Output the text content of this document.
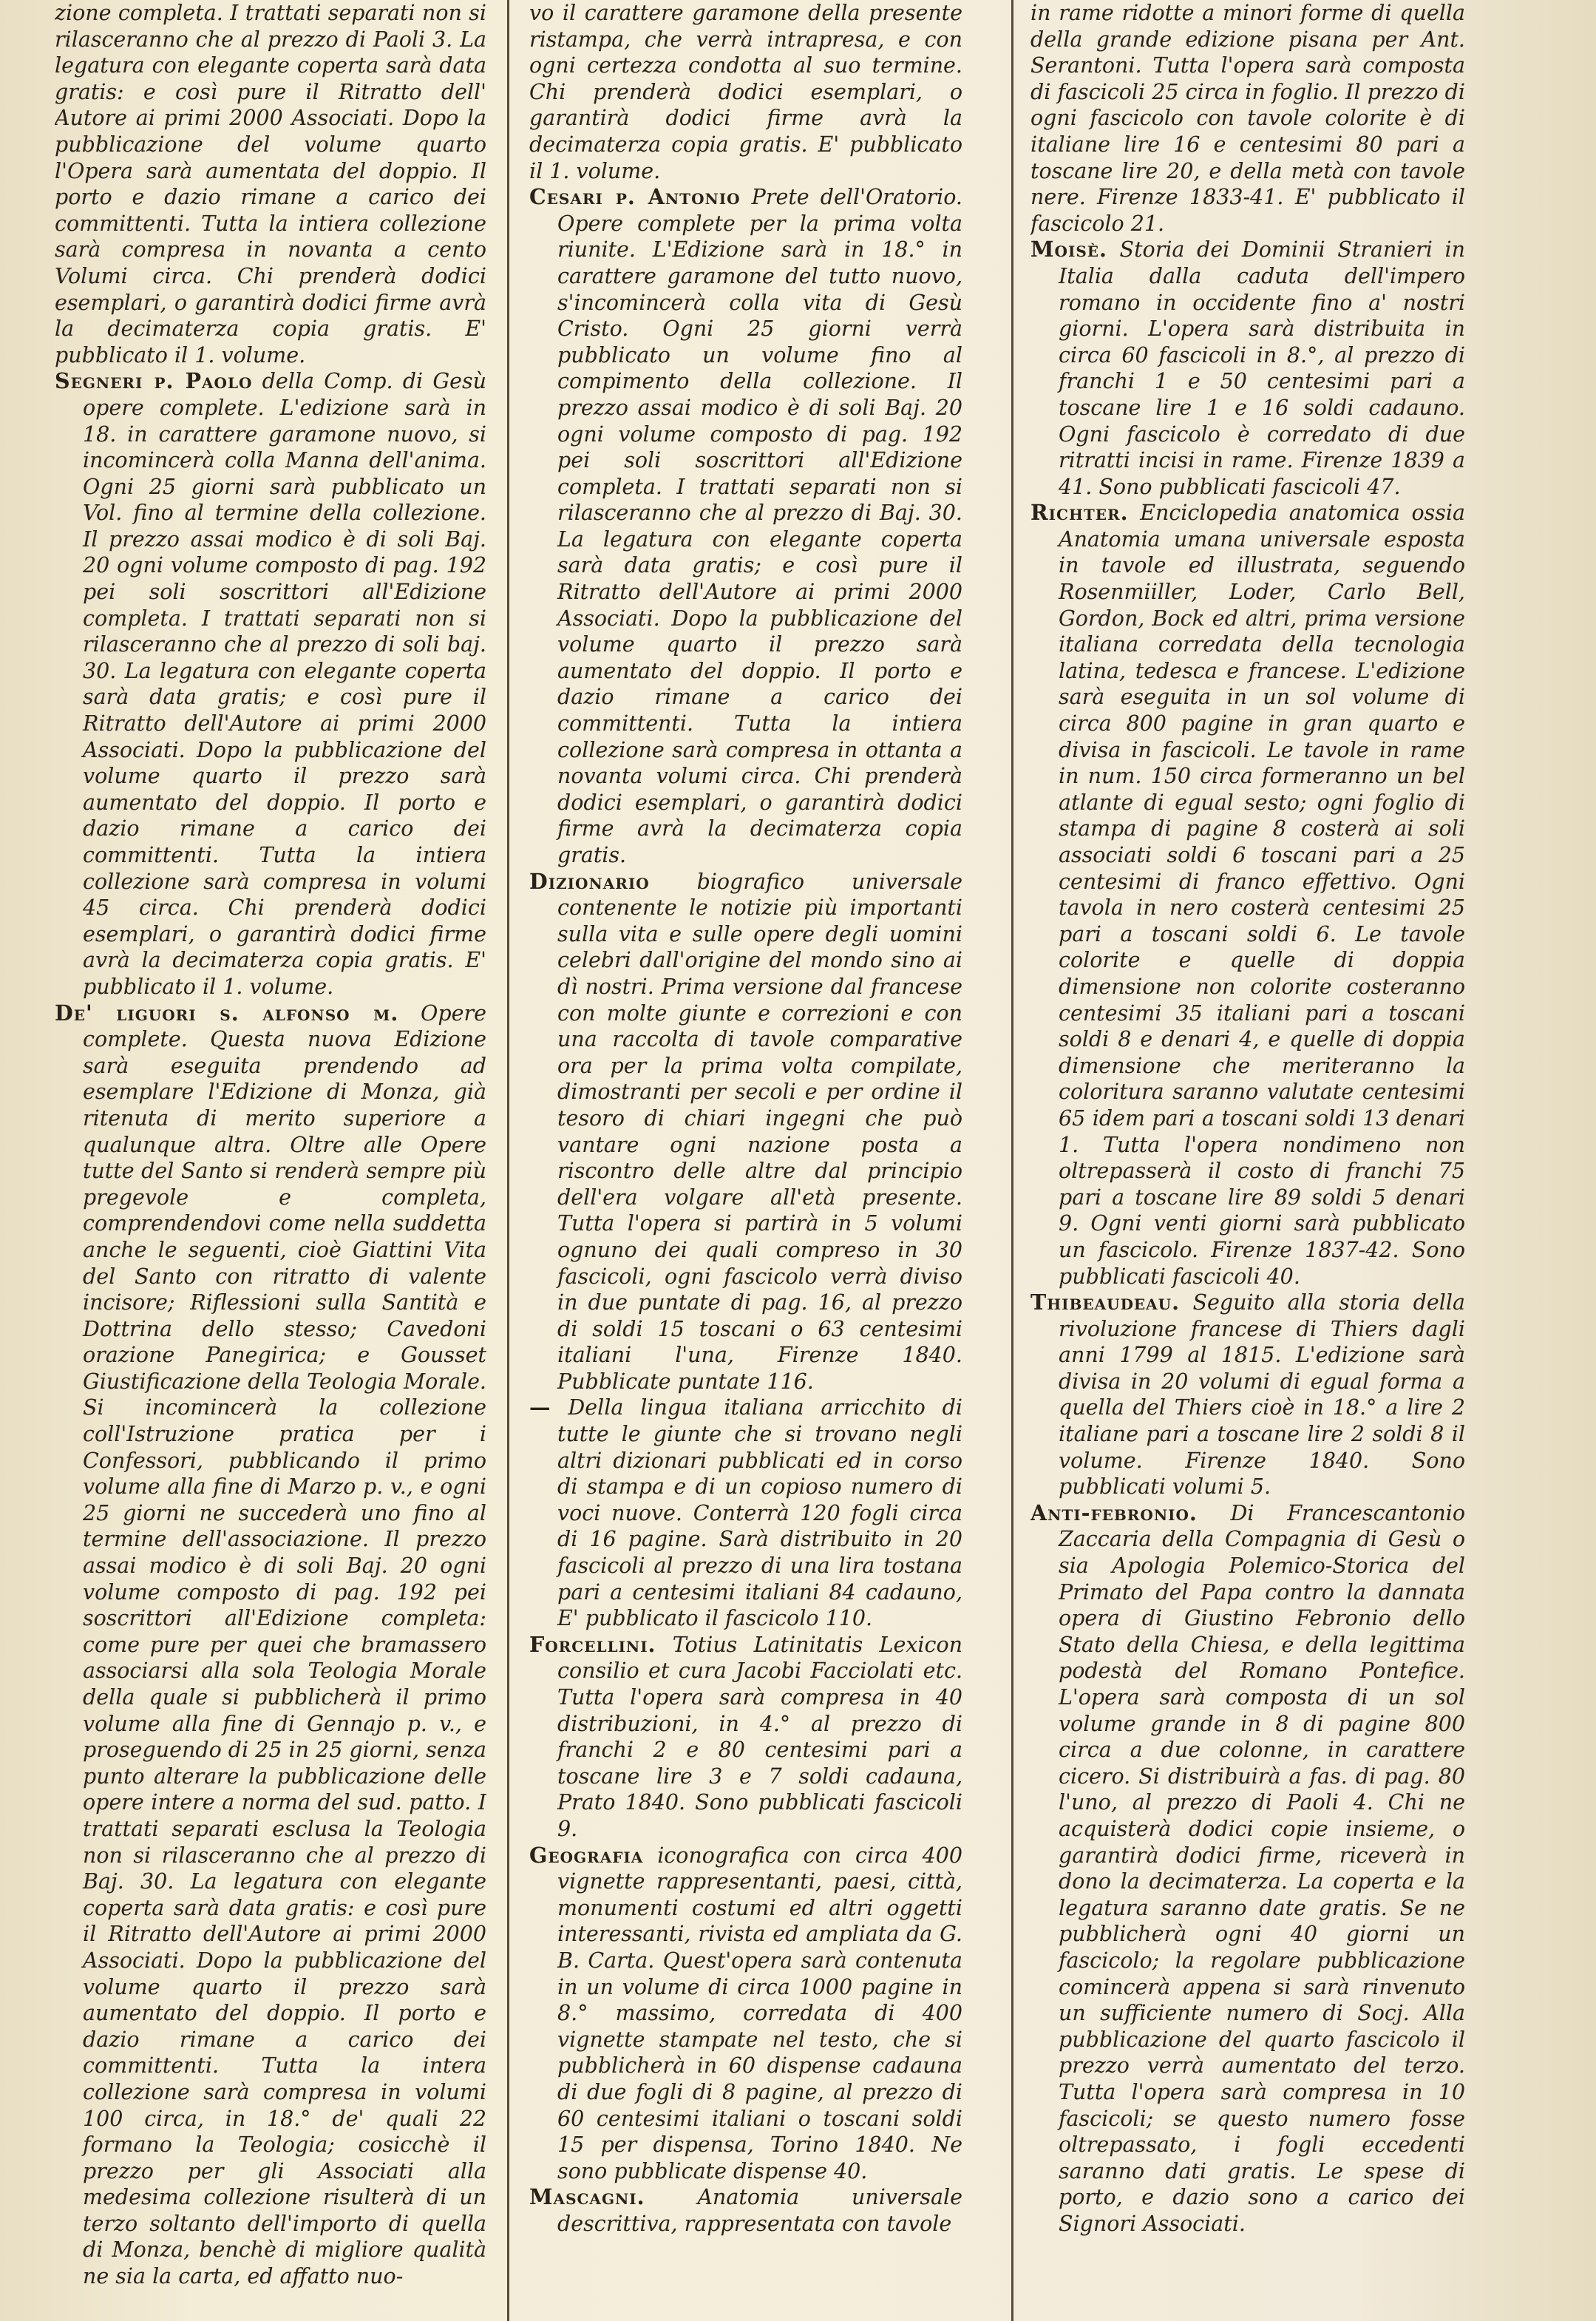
zione completa. I trattati separati non si rilasceranno che al prezzo di Paoli 3. La legatura con elegante coperta sarà data gratis: e così pure il Ritratto dell' Autore ai primi 2000 Associati. Dopo la pubblicazione del volume quarto l'Opera sarà aumentata del doppio. Il porto e dazio rimane a carico dei committenti. Tutta la intiera collezione sarà compresa in novanta a cento Volumi circa. Chi prenderà dodici esemplari, o garantirà dodici firme avrà la decimaterza copia gratis. E' pubblicato il 1. volume.

Segneri p. Paolo della Comp. di Gesù opere complete. L'edizione sarà in 18. in carattere garamone nuovo, si incomincerà colla Manna dell'anima. Ogni 25 giorni sarà pubblicato un Vol. fino al termine della collezione. Il prezzo assai modico è di soli Baj. 20 ogni volume composto di pag. 192 pei soli soscrittori all'Edizione completa. I trattati separati non si rilasceranno che al prezzo di soli baj. 30. La legatura con elegante coperta sarà data gratis; e così pure il Ritratto dell'Autore ai primi 2000 Associati. Dopo la pubblicazione del volume quarto il prezzo sarà aumentato del doppio. Il porto e dazio rimane a carico dei committenti. Tutta la intiera collezione sarà compresa in volumi 45 circa. Chi prenderà dodici esemplari, o garantirà dodici firme avrà la decimaterza copia gratis. E' pubblicato il 1. volume.

De' liguori s. alfonso m. Opere complete. Questa nuova Edizione sarà eseguita prendendo ad esemplare l'Edizione di Monza, già ritenuta di merito superiore a qualunque altra. Oltre alle Opere tutte del Santo si renderà sempre più pregevole e completa, comprendendovi come nella suddetta anche le seguenti, cioè Giattini Vita del Santo con ritratto di valente incisore; Riflessioni sulla Santità e Dottrina dello stesso; Cavedoni orazione Panegirica; e Gousset Giustificazione della Teologia Morale. Si incomincerà la collezione coll'Istruzione pratica per i Confessori, pubblicando il primo volume alla fine di Marzo p. v., e ogni 25 giorni ne succederà uno fino al termine dell'associazione. Il prezzo assai modico è di soli Baj. 20 ogni volume composto di pag. 192 pei soscrittori all'Edizione completa: come pure per quei che bramassero associarsi alla sola Teologia Morale della quale si pubblicherà il primo volume alla fine di Gennajo p. v., e proseguendo di 25 in 25 giorni, senza punto alterare la pubblicazione delle opere intere a norma del sud. patto. I trattati separati esclusa la Teologia non si rilasceranno che al prezzo di Baj. 30. La legatura con elegante coperta sarà data gratis: e così pure il Ritratto dell'Autore ai primi 2000 Associati. Dopo la pubblicazione del volume quarto il prezzo sarà aumentato del doppio. Il porto e dazio rimane a carico dei committenti. Tutta la intera collezione sarà compresa in volumi 100 circa, in 18.° de' quali 22 formano la Teologia; cosicchè il prezzo per gli Associati alla medesima collezione risulterà di un terzo soltanto dell'importo di quella di Monza, benchè di migliore qualità ne sia la carta, ed affatto nuo-

vo il carattere garamone della presente ristampa, che verrà intrapresa, e con ogni certezza condotta al suo termine. Chi prenderà dodici esemplari, o garantirà dodici firme avrà la decimaterza copia gratis. E' pubblicato il 1. volume.

Cesari p. Antonio Prete dell'Oratorio. Opere complete per la prima volta riunite. L'Edizione sarà in 18.° in carattere garamone del tutto nuovo, s'incomincerà colla vita di Gesù Cristo. Ogni 25 giorni verrà pubblicato un volume fino al compimento della collezione. Il prezzo assai modico è di soli Baj. 20 ogni volume composto di pag. 192 pei soli soscrittori all'Edizione completa. I trattati separati non si rilasceranno che al prezzo di Baj. 30. La legatura con elegante coperta sarà data gratis; e così pure il Ritratto dell'Autore ai primi 2000 Associati. Dopo la pubblicazione del volume quarto il prezzo sarà aumentato del doppio. Il porto e dazio rimane a carico dei committenti. Tutta la intiera collezione sarà compresa in ottanta a novanta volumi circa. Chi prenderà dodici esemplari, o garantirà dodici firme avrà la decimaterza copia gratis.

Dizionario biografico universale contenente le notizie più importanti sulla vita e sulle opere degli uomini celebri dall'origine del mondo sino ai dì nostri. Prima versione dal francese con molte giunte e correzioni e con una raccolta di tavole comparative ora per la prima volta compilate, dimostranti per secoli e per ordine il tesoro di chiari ingegni che può vantare ogni nazione posta a riscontro delle altre dal principio dell'era volgare all'età presente. Tutta l'opera si partirà in 5 volumi ognuno dei quali compreso in 30 fascicoli, ogni fascicolo verrà diviso in due puntate di pag. 16, al prezzo di soldi 15 toscani o 63 centesimi italiani l'una, Firenze 1840. Pubblicate puntate 116.

— Della lingua italiana arricchito di tutte le giunte che si trovano negli altri dizionari pubblicati ed in corso di stampa e di un copioso numero di voci nuove. Conterrà 120 fogli circa di 16 pagine. Sarà distribuito in 20 fascicoli al prezzo di una lira tostana pari a centesimi italiani 84 cadauno, E' pubblicato il fascicolo 110.

Forcellini. Totius Latinitatis Lexicon consilio et cura Jacobi Facciolati etc. Tutta l'opera sarà compresa in 40 distribuzioni, in 4.° al prezzo di franchi 2 e 80 centesimi pari a toscane lire 3 e 7 soldi cadauna, Prato 1840. Sono pubblicati fascicoli 9.

Geografia iconografica con circa 400 vignette rappresentanti, paesi, città, monumenti costumi ed altri oggetti interessanti, rivista ed ampliata da G. B. Carta. Quest'opera sarà contenuta in un volume di circa 1000 pagine in 8.° massimo, corredata di 400 vignette stampate nel testo, che si pubblicherà in 60 dispense cadauna di due fogli di 8 pagine, al prezzo di 60 centesimi italiani o toscani soldi 15 per dispensa, Torino 1840. Ne sono pubblicate dispense 40.

Mascagni. Anatomia universale descrittiva, rappresentata con tavole

in rame ridotte a minori forme di quella della grande edizione pisana per Ant. Serantoni. Tutta l'opera sarà composta di fascicoli 25 circa in foglio. Il prezzo di ogni fascicolo con tavole colorite è di italiane lire 16 e centesimi 80 pari a toscane lire 20, e della metà con tavole nere. Firenze 1833-41. E' pubblicato il fascicolo 21.

Moisè. Storia dei Dominii Stranieri in Italia dalla caduta dell'impero romano in occidente fino a' nostri giorni. L'opera sarà distribuita in circa 60 fascicoli in 8.°, al prezzo di franchi 1 e 50 centesimi pari a toscane lire 1 e 16 soldi cadauno. Ogni fascicolo è corredato di due ritratti incisi in rame. Firenze 1839 a 41. Sono pubblicati fascicoli 47.

Richter. Enciclopedia anatomica ossia Anatomia umana universale esposta in tavole ed illustrata, seguendo Rosenmiiller, Loder, Carlo Bell, Gordon, Bock ed altri, prima versione italiana corredata della tecnologia latina, tedesca e francese. L'edizione sarà eseguita in un sol volume di circa 800 pagine in gran quarto e divisa in fascicoli. Le tavole in rame in num. 150 circa formeranno un bel atlante di egual sesto; ogni foglio di stampa di pagine 8 costerà ai soli associati soldi 6 toscani pari a 25 centesimi di franco effettivo. Ogni tavola in nero costerà centesimi 25 pari a toscani soldi 6. Le tavole colorite e quelle di doppia dimensione non colorite costeranno centesimi 35 italiani pari a toscani soldi 8 e denari 4, e quelle di doppia dimensione che meriteranno la coloritura saranno valutate centesimi 65 idem pari a toscani soldi 13 denari 1. Tutta l'opera nondimeno non oltrepasserà il costo di franchi 75 pari a toscane lire 89 soldi 5 denari 9. Ogni venti giorni sarà pubblicato un fascicolo. Firenze 1837-42. Sono pubblicati fascicoli 40.

Thibeaudeau. Seguito alla storia della rivoluzione francese di Thiers dagli anni 1799 al 1815. L'edizione sarà divisa in 20 volumi di egual forma a quella del Thiers cioè in 18.° a lire 2 italiane pari a toscane lire 2 soldi 8 il volume. Firenze 1840. Sono pubblicati volumi 5.

Anti-febronio. Di Francescantonio Zaccaria della Compagnia di Gesù o sia Apologia Polemico-Storica del Primato del Papa contro la dannata opera di Giustino Febronio dello Stato della Chiesa, e della legittima podestà del Romano Pontefice. L'opera sarà composta di un sol volume grande in 8 di pagine 800 circa a due colonne, in carattere cicero. Si distribuirà a fas. di pag. 80 l'uno, al prezzo di Paoli 4. Chi ne acquisterà dodici copie insieme, o garantirà dodici firme, riceverà in dono la decimaterza. La coperta e la legatura saranno date gratis. Se ne pubblicherà ogni 40 giorni un fascicolo; la regolare pubblicazione comincerà appena si sarà rinvenuto un sufficiente numero di Socj. Alla pubblicazione del quarto fascicolo il prezzo verrà aumentato del terzo. Tutta l'opera sarà compresa in 10 fascicoli; se questo numero fosse oltrepassato, i fogli eccedenti saranno dati gratis. Le spese di porto, e dazio sono a carico dei Signori Associati.
